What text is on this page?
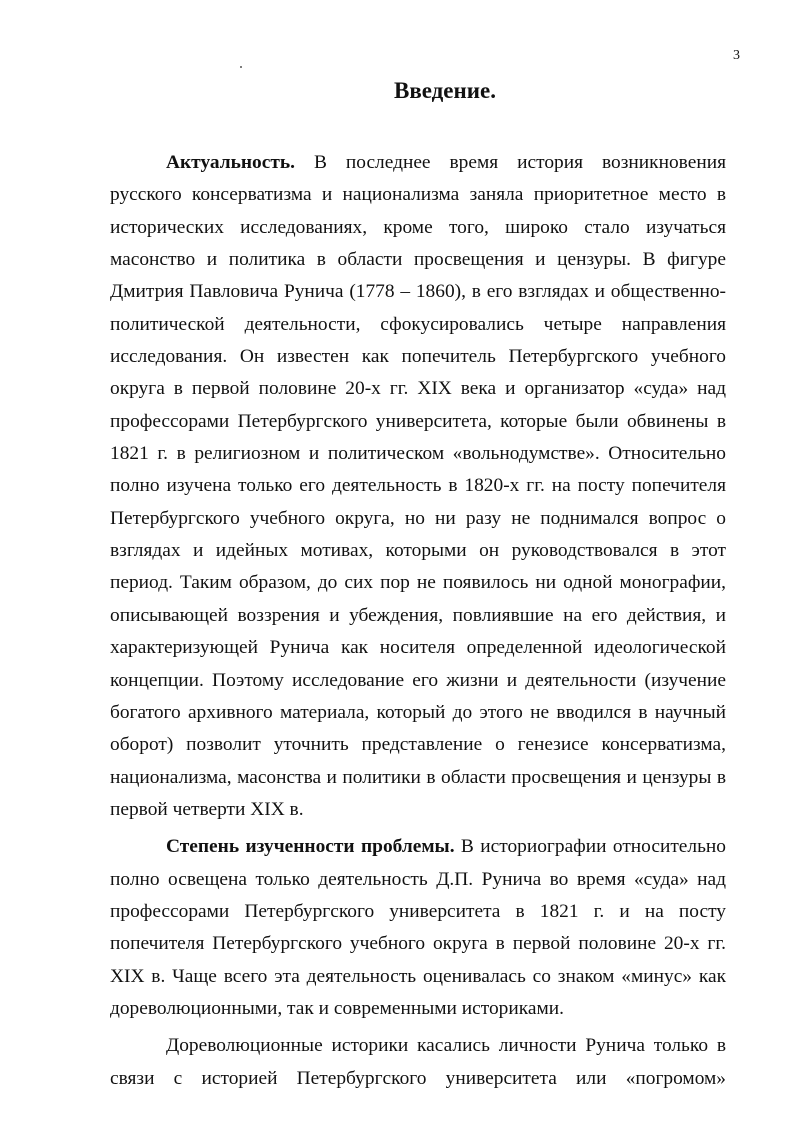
3
Введение.

Актуальность. В последнее время история возникновения русского консерватизма и национализма заняла приоритетное место в исторических исследованиях, кроме того, широко стало изучаться масонство и политика в области просвещения и цензуры. В фигуре Дмитрия Павловича Рунича (1778 – 1860), в его взглядах и общественно-политической деятельности, сфокусировались четыре направления исследования. Он известен как попечитель Петербургского учебного округа в первой половине 20-х гг. XIX века и организатор «суда» над профессорами Петербургского университета, которые были обвинены в 1821 г. в религиозном и политическом «вольнодумстве». Относительно полно изучена только его деятельность в 1820-х гг. на посту попечителя Петербургского учебного округа, но ни разу не поднимался вопрос о взглядах и идейных мотивах, которыми он руководствовался в этот период. Таким образом, до сих пор не появилось ни одной монографии, описывающей воззрения и убеждения, повлиявшие на его действия, и характеризующей Рунича как носителя определенной идеологической концепции. Поэтому исследование его жизни и деятельности (изучение богатого архивного материала, который до этого не вводился в научный оборот) позволит уточнить представление о генезисе консерватизма, национализма, масонства и политики в области просвещения и цензуры в первой четверти XIX в.

Степень изученности проблемы. В историографии относительно полно освещена только деятельность Д.П. Рунича во время «суда» над профессорами Петербургского университета в 1821 г. и на посту попечителя Петербургского учебного округа в первой половине 20-х гг. XIX в. Чаще всего эта деятельность оценивалась со знаком «минус» как дореволюционными, так и современными историками.

Дореволюционные историки касались личности Рунича только в связи с историей Петербургского университета или «погромом»
